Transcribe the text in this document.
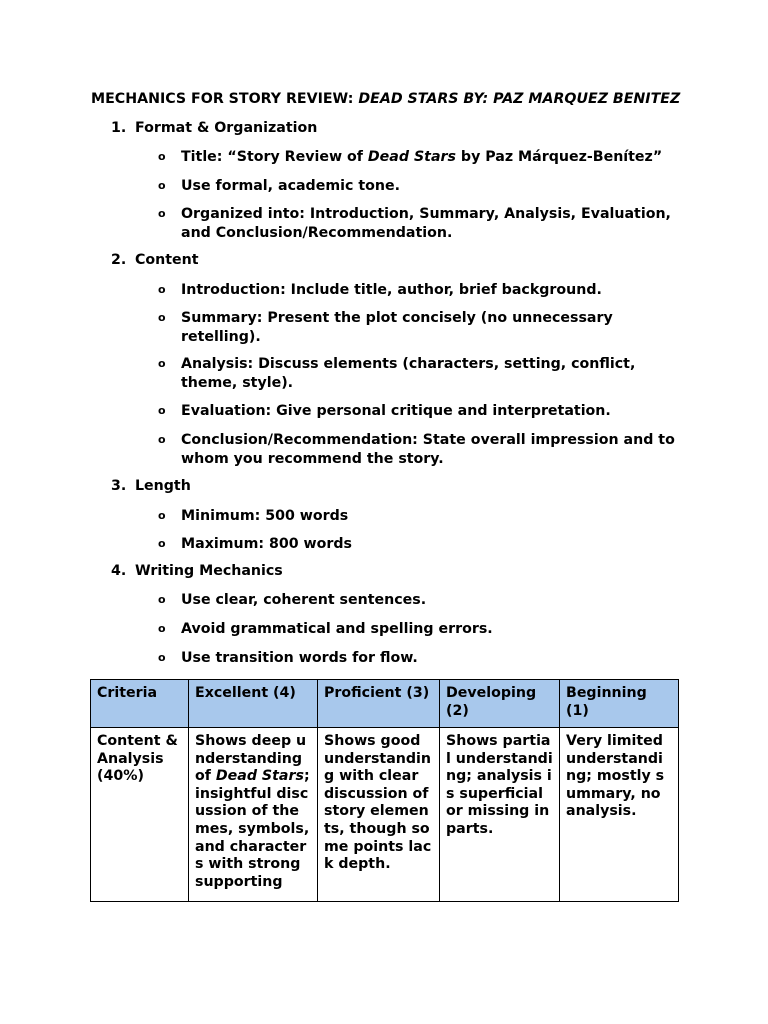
MECHANICS FOR STORY REVIEW: DEAD STARS BY: PAZ MARQUEZ BENITEZ
1. Format & Organization
o Title: “Story Review of Dead Stars by Paz Márquez-Benítez”
o Use formal, academic tone.
o Organized into: Introduction, Summary, Analysis, Evaluation, and Conclusion/Recommendation.
2. Content
o Introduction: Include title, author, brief background.
o Summary: Present the plot concisely (no unnecessary retelling).
o Analysis: Discuss elements (characters, setting, conflict, theme, style).
o Evaluation: Give personal critique and interpretation.
o Conclusion/Recommendation: State overall impression and to whom you recommend the story.
3. Length
o Minimum: 500 words
o Maximum: 800 words
4. Writing Mechanics
o Use clear, coherent sentences.
o Avoid grammatical and spelling errors.
o Use transition words for flow.
Criteria	Excellent (4)	Proficient (3)	Developing (2)	Beginning (1)
Content & Analysis (40%)	Shows deep understanding of Dead Stars; insightful discussion of themes, symbols, and characters with strong supporting	Shows good understanding with clear discussion of story elements, though some points lack depth.	Shows partial understanding; analysis is superficial or missing in parts.	Very limited understanding; mostly summary, no analysis.
